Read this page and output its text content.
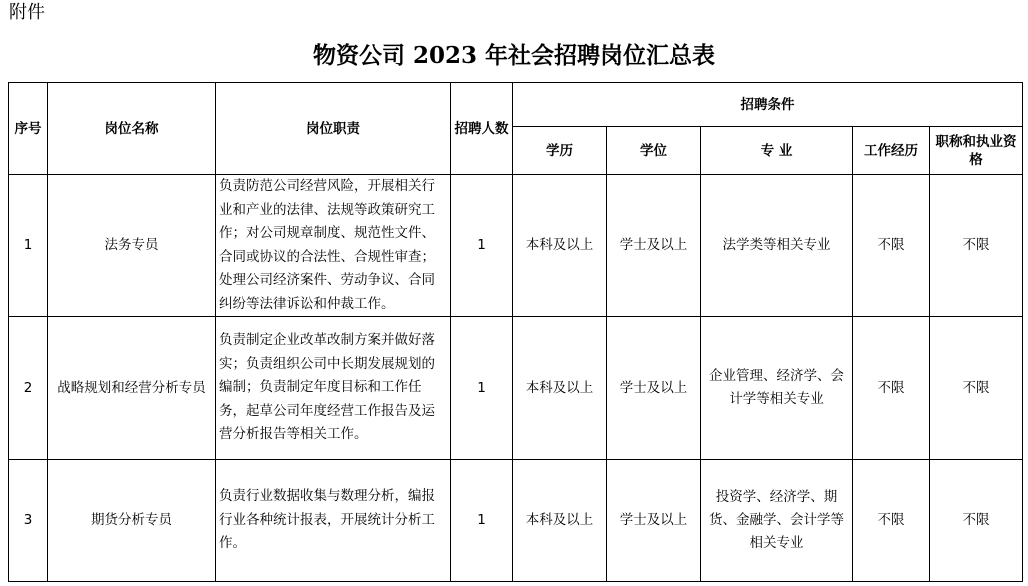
附件
物资公司 2023 年社会招聘岗位汇总表
序号	岗位名称	岗位职责	招聘人数	招聘条件				
				学历	学位	专 业	工作经历	职称和执业资格
1	法务专员	负责防范公司经营风险，开展相关行业和产业的法律、法规等政策研究工作；对公司规章制度、规范性文件、合同或协议的合法性、合规性审查；处理公司经济案件、劳动争议、合同纠纷等法律诉讼和仲裁工作。	1	本科及以上	学士及以上	法学类等相关专业	不限	不限
2	战略规划和经营分析专员	负责制定企业改革改制方案并做好落实；负责组织公司中长期发展规划的编制；负责制定年度目标和工作任务，起草公司年度经营工作报告及运营分析报告等相关工作。	1	本科及以上	学士及以上	企业管理、经济学、会计学等相关专业	不限	不限
3	期货分析专员	负责行业数据收集与数理分析，编报行业各种统计报表，开展统计分析工作。	1	本科及以上	学士及以上	投资学、经济学、期货、金融学、会计学等相关专业	不限	不限
